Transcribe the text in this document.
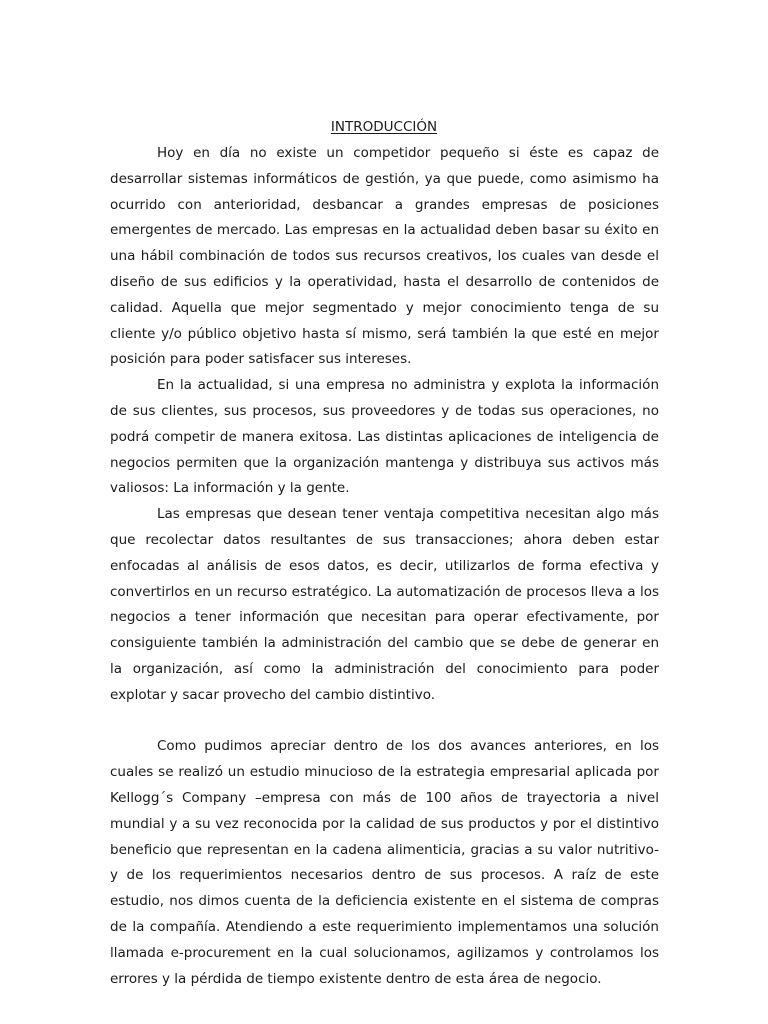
INTRODUCCIÓN

Hoy en día no existe un competidor pequeño si éste es capaz de desarrollar sistemas informáticos de gestión, ya que puede, como asimismo ha ocurrido con anterioridad, desbancar a grandes empresas de posiciones emergentes de mercado. Las empresas en la actualidad deben basar su éxito en una hábil combinación de todos sus recursos creativos, los cuales van desde el diseño de sus edificios y la operatividad, hasta el desarrollo de contenidos de calidad. Aquella que mejor segmentado y mejor conocimiento tenga de su cliente y/o público objetivo hasta sí mismo, será también la que esté en mejor posición para poder satisfacer sus intereses.

En la actualidad, si una empresa no administra y explota la información de sus clientes, sus procesos, sus proveedores y de todas sus operaciones, no podrá competir de manera exitosa. Las distintas aplicaciones de inteligencia de negocios permiten que la organización mantenga y distribuya sus activos más valiosos: La información y la gente.

Las empresas que desean tener ventaja competitiva necesitan algo más que recolectar datos resultantes de sus transacciones; ahora deben estar enfocadas al análisis de esos datos, es decir, utilizarlos de forma efectiva y convertirlos en un recurso estratégico. La automatización de procesos lleva a los negocios a tener información que necesitan para operar efectivamente, por consiguiente también la administración del cambio que se debe de generar en la organización, así como la administración del conocimiento para poder explotar y sacar provecho del cambio distintivo.

Como pudimos apreciar dentro de los dos avances anteriores, en los cuales se realizó un estudio minucioso de la estrategia empresarial aplicada por Kellogg´s Company –empresa con más de 100 años de trayectoria a nivel mundial y a su vez reconocida por la calidad de sus productos y por el distintivo beneficio que representan en la cadena alimenticia, gracias a su valor nutritivo- y de los requerimientos necesarios dentro de sus procesos. A raíz de este estudio, nos dimos cuenta de la deficiencia existente en el sistema de compras de la compañía. Atendiendo a este requerimiento implementamos una solución llamada e-procurement en la cual solucionamos, agilizamos y controlamos los errores y la pérdida de tiempo existente dentro de esta área de negocio.
